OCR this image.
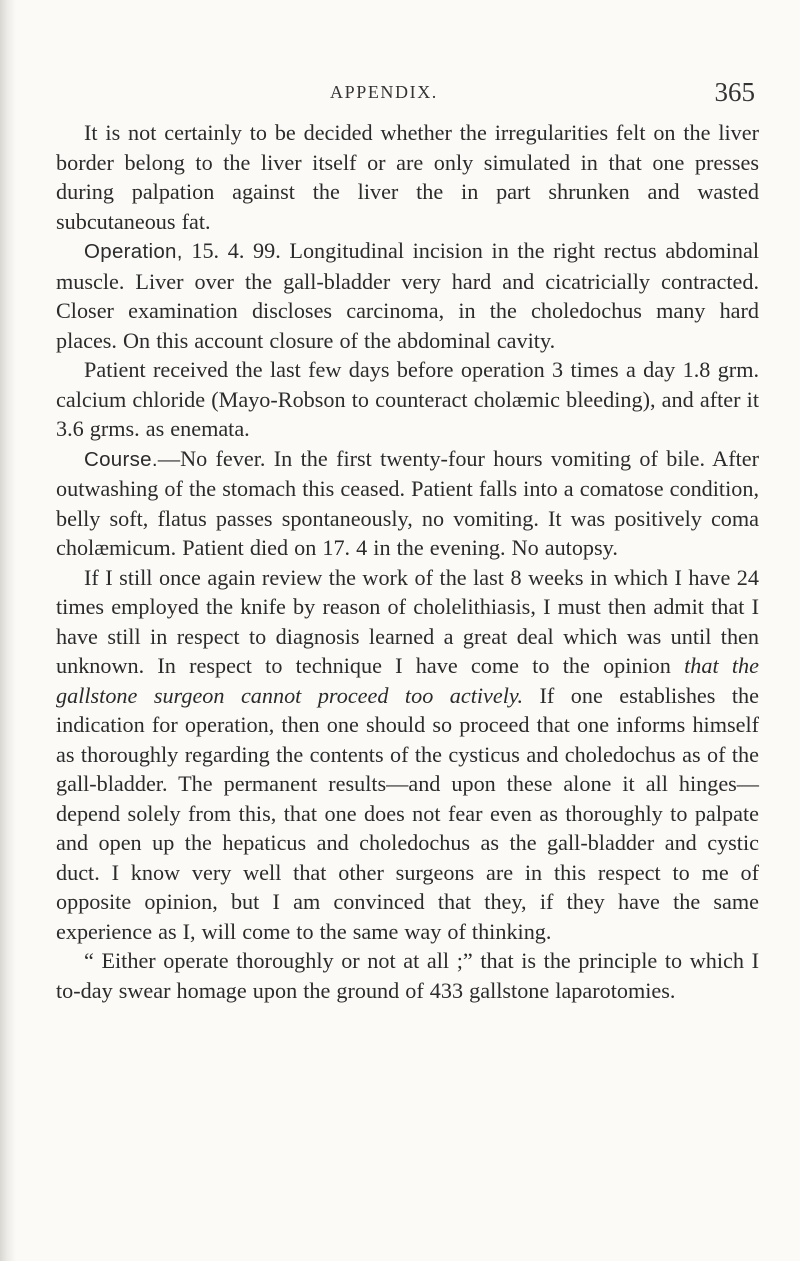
APPENDIX.	365

It is not certainly to be decided whether the irregularities felt on the liver border belong to the liver itself or are only simulated in that one presses during palpation against the liver the in part shrunken and wasted subcutaneous fat.

Operation, 15. 4. 99. Longitudinal incision in the right rectus abdominal muscle. Liver over the gall-bladder very hard and cicatricially contracted. Closer examination discloses carcinoma, in the choledochus many hard places. On this account closure of the abdominal cavity.

Patient received the last few days before operation 3 times a day 1.8 grm. calcium chloride (Mayo-Robson to counteract cholæmic bleeding), and after it 3.6 grms. as enemata.

Course.—No fever. In the first twenty-four hours vomiting of bile. After outwashing of the stomach this ceased. Patient falls into a comatose condition, belly soft, flatus passes spontaneously, no vomiting. It was positively coma cholæmicum. Patient died on 17. 4 in the evening. No autopsy.

If I still once again review the work of the last 8 weeks in which I have 24 times employed the knife by reason of cholelithiasis, I must then admit that I have still in respect to diagnosis learned a great deal which was until then unknown. In respect to technique I have come to the opinion that the gallstone surgeon cannot proceed too actively. If one establishes the indication for operation, then one should so proceed that one informs himself as thoroughly regarding the contents of the cysticus and choledochus as of the gall-bladder. The permanent results—and upon these alone it all hinges—depend solely from this, that one does not fear even as thoroughly to palpate and open up the hepaticus and choledochus as the gall-bladder and cystic duct. I know very well that other surgeons are in this respect to me of opposite opinion, but I am convinced that they, if they have the same experience as I, will come to the same way of thinking.

“ Either operate thoroughly or not at all ;” that is the principle to which I to-day swear homage upon the ground of 433 gallstone laparotomies.
